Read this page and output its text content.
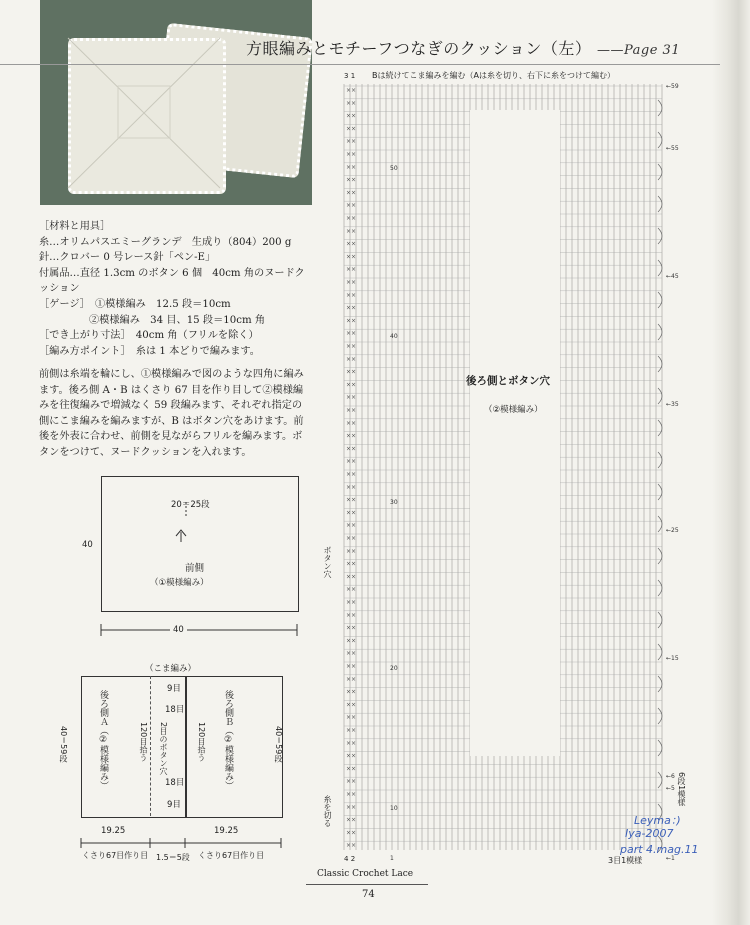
方眼編みとモチーフつなぎのクッション（左） ——Page 31
［材料と用具］
糸…オリムパスエミーグランデ　生成り（804）200 g
針…クロバー 0 号レース針「ペン-E」
付属品…直径 1.3cm のボタン 6 個　40cm 角のヌードクッション
［ゲージ］　 ①模様編み　12.5 段＝10cm
②模様編み　34 目、15 段＝10cm 角
［でき上がり寸法］　 40cm 角（フリルを除く）
［編み方ポイント］　 糸は 1 本どりで編みます。
前側は糸端を輪にし、①模様編みで図のような四角に編みます。後ろ側 A・B はくさり 67 目を作り目して②模様編みを往復編みで増減なく 59 段編みます、それぞれ指定の側にこま編みを編みますが、B はボタン穴をあけます。前後を外表に合わせ、前側を見ながらフリルを編みます。ボタンをつけて、ヌードクッションを入れます。
20＝25段
前側
（①模様編み）
40
40
（こま編み）
後ろ側Ａ（②模様編み）	後ろ側Ｂ（②模様編み）
120目拾う	120目拾う
2目のボタン穴
9目
18目
18目
9目
40＝59段	40＝59段
19.25	19.25
くさり67目作り目	くさり67目作り目
1.5＝5段
Bは続けてこま編みを編む（Aは糸を切り、右下に糸をつけて編む）
3 1
××
××
××
××
××
××
××
××
××
××
××
××
××
××
××
××
××
××
××
××
××
××
××
××
××
××
××
××
××
××
××
××
××
××
××
××
××
××
××
××
××
××
××
××
××
××
××
××
××
××
××
××
××
××
××
××
××
××
××
××
←59
←55
←45
←35
←25
←15
←6
←5
←1
50
40
30
20
10
1
後ろ側とボタン穴
（②模様編み）
ボタン穴
糸を切る
4 2	3目1模様
6段1模様
Classic Crochet Lace
74
Leyma：)
Iya-2007
part 4.mag.11
